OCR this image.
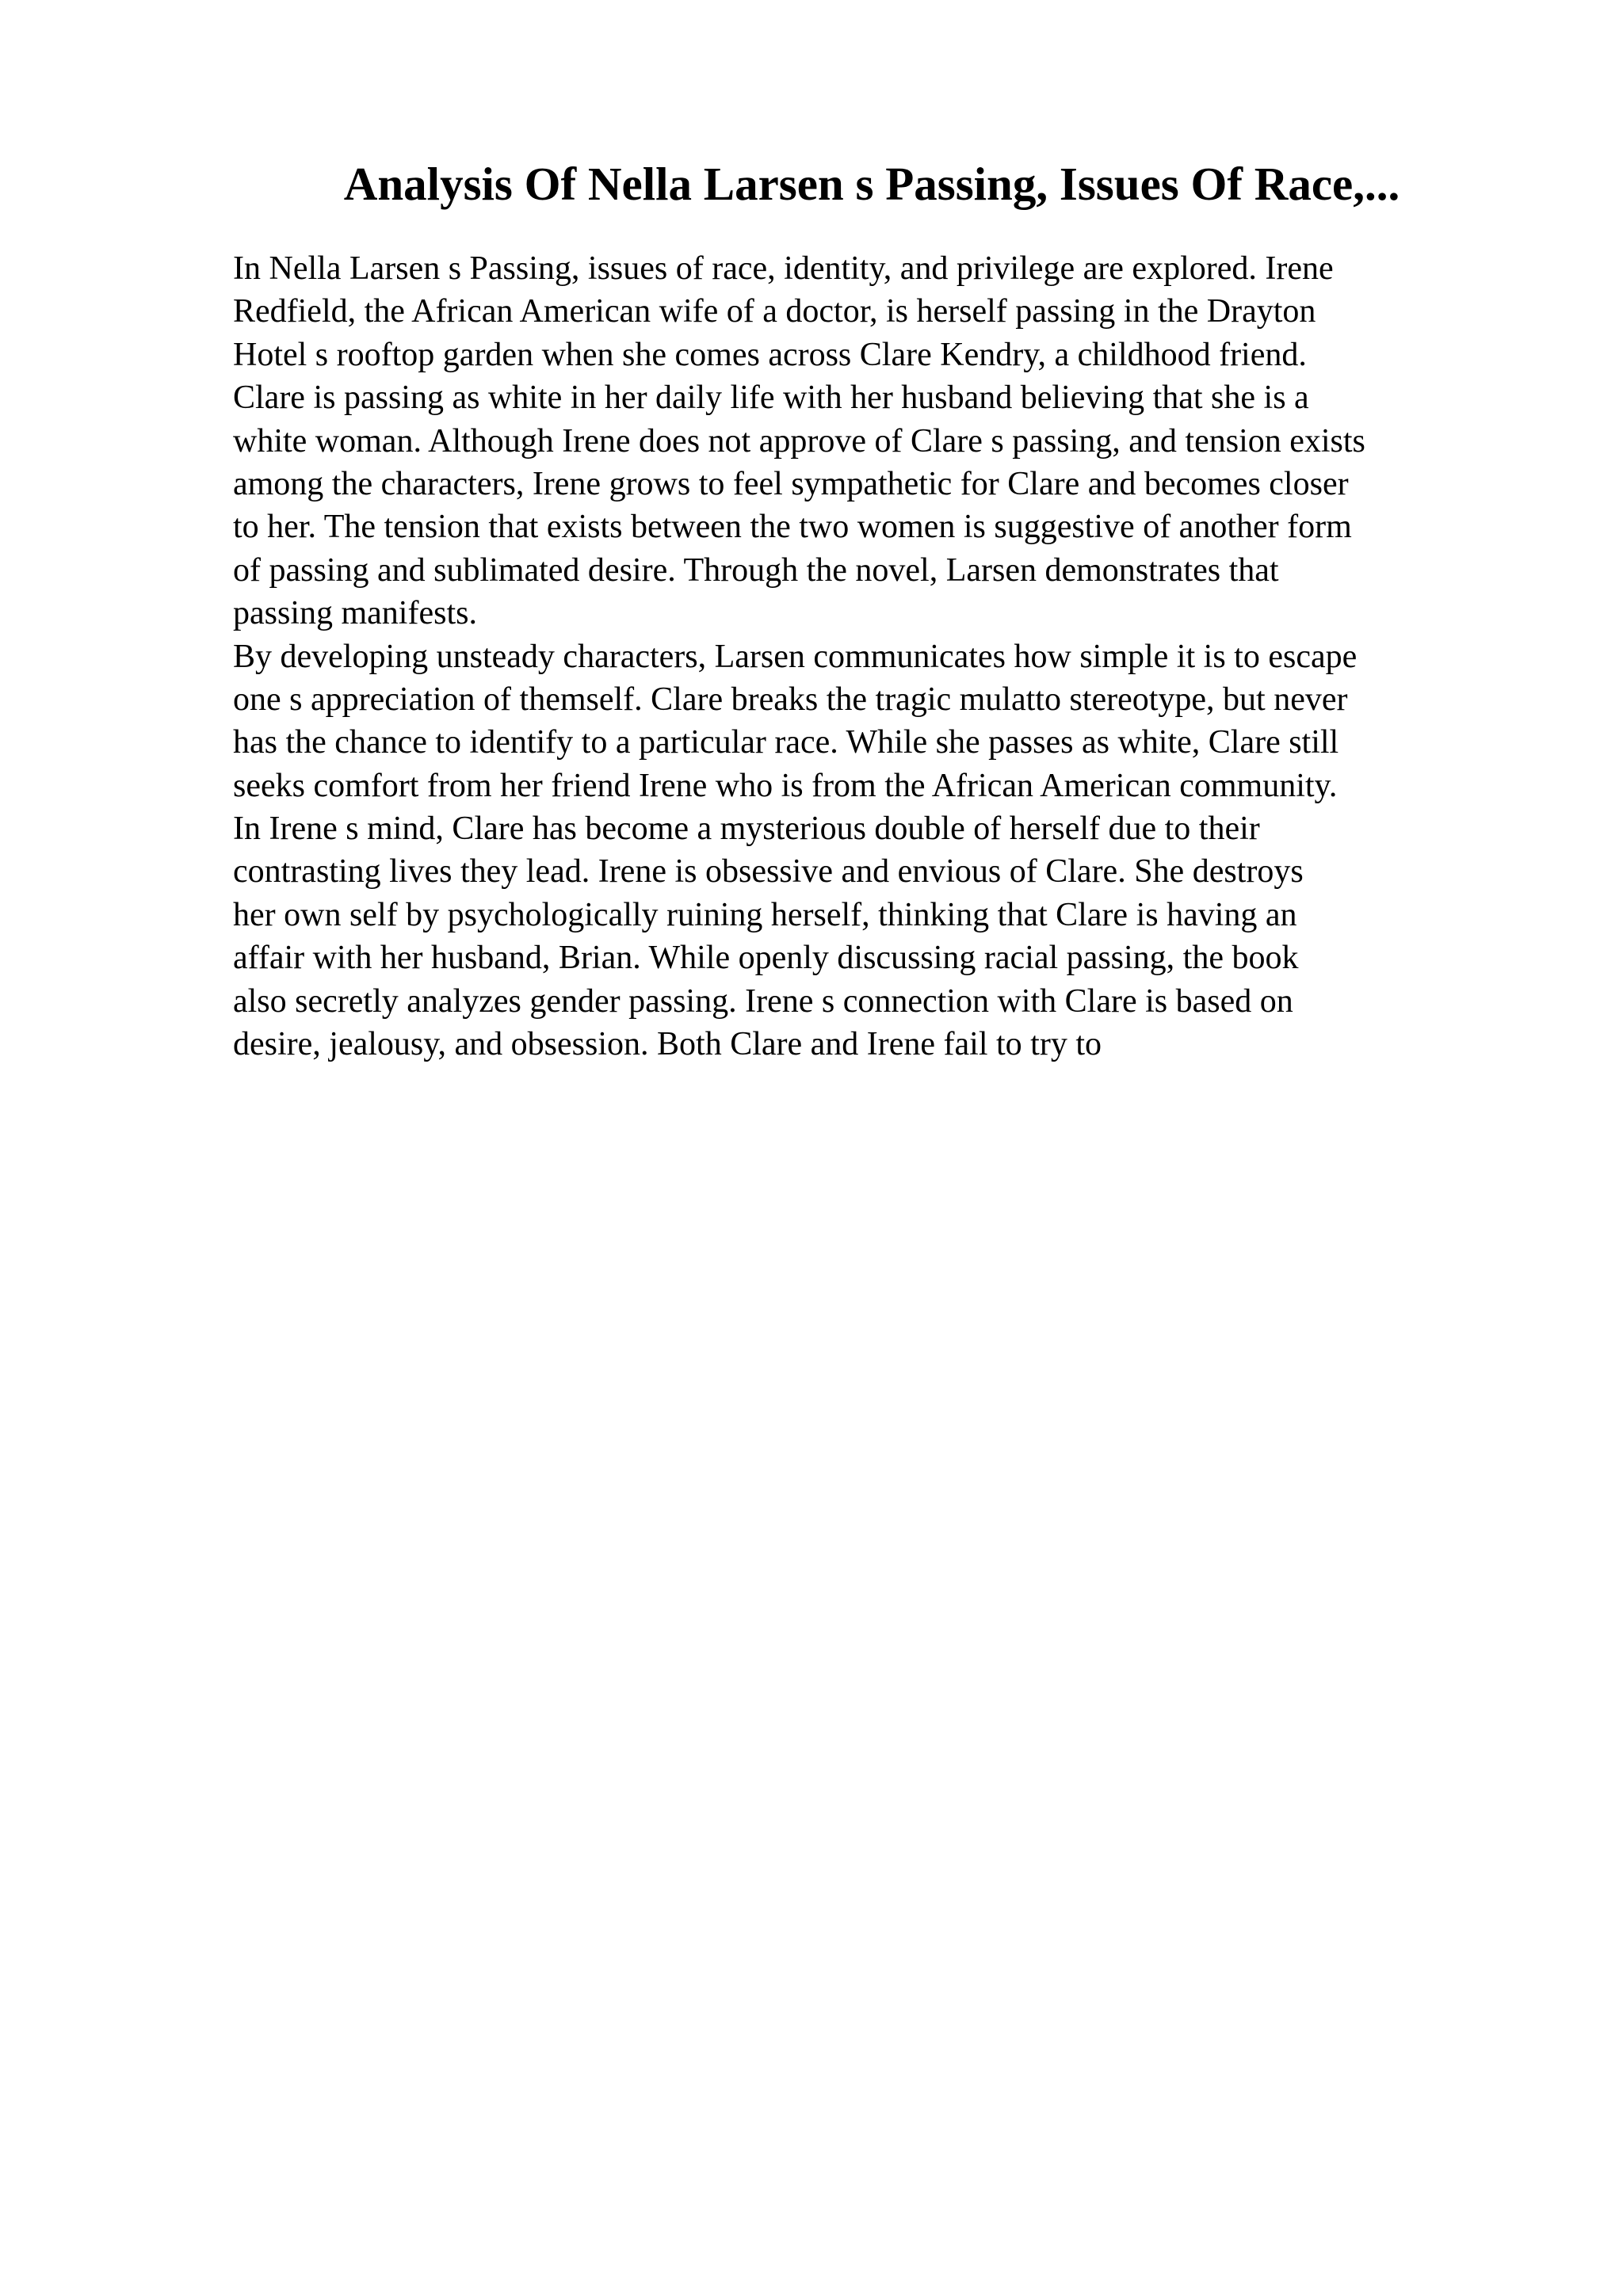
Analysis Of Nella Larsen s Passing, Issues Of Race,...
In Nella Larsen s Passing, issues of race, identity, and privilege are explored. Irene
Redfield, the African American wife of a doctor, is herself passing in the Drayton
Hotel s rooftop garden when she comes across Clare Kendry, a childhood friend.
Clare is passing as white in her daily life with her husband believing that she is a
white woman. Although Irene does not approve of Clare s passing, and tension exists
among the characters, Irene grows to feel sympathetic for Clare and becomes closer
to her. The tension that exists between the two women is suggestive of another form
of passing and sublimated desire. Through the novel, Larsen demonstrates that
passing manifests.
By developing unsteady characters, Larsen communicates how simple it is to escape
one s appreciation of themself. Clare breaks the tragic mulatto stereotype, but never
has the chance to identify to a particular race. While she passes as white, Clare still
seeks comfort from her friend Irene who is from the African American community.
In Irene s mind, Clare has become a mysterious double of herself due to their
contrasting lives they lead. Irene is obsessive and envious of Clare. She destroys
her own self by psychologically ruining herself, thinking that Clare is having an
affair with her husband, Brian. While openly discussing racial passing, the book
also secretly analyzes gender passing. Irene s connection with Clare is based on
desire, jealousy, and obsession. Both Clare and Irene fail to try to
